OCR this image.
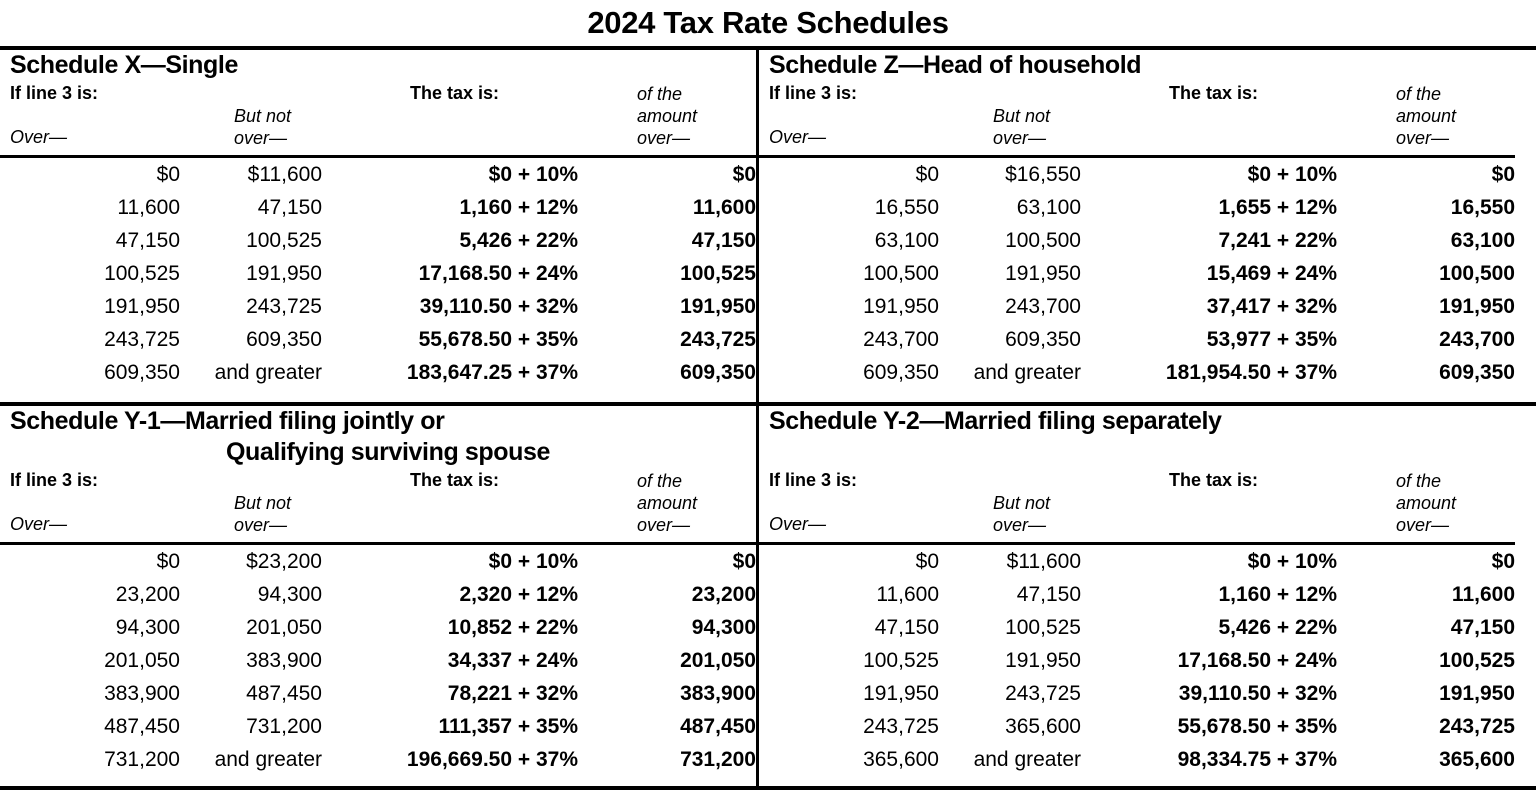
2024 Tax Rate Schedules
Schedule X—Single
If line 3 is:
Over—
But not
over—
The tax is:	of the
amount
over—
$0	$11,600	$0 + 10%	$0
11,600	47,150	1,160 + 12%	11,600
47,150	100,525	5,426 + 22%	47,150
100,525	191,950	17,168.50 + 24%	100,525
191,950	243,725	39,110.50 + 32%	191,950
243,725	609,350	55,678.50 + 35%	243,725
609,350	and greater	183,647.25 + 37%	609,350
Schedule Z—Head of household
If line 3 is:
Over—
But not
over—
The tax is:	of the
amount
over—
$0	$16,550	$0 + 10%	$0
16,550	63,100	1,655 + 12%	16,550
63,100	100,500	7,241 + 22%	63,100
100,500	191,950	15,469 + 24%	100,500
191,950	243,700	37,417 + 32%	191,950
243,700	609,350	53,977 + 35%	243,700
609,350	and greater	181,954.50 + 37%	609,350
Schedule Y-1—Married filing jointly or
Qualifying surviving spouse
If line 3 is:
Over—
But not
over—
The tax is:	of the
amount
over—
$0	$23,200	$0 + 10%	$0
23,200	94,300	2,320 + 12%	23,200
94,300	201,050	10,852 + 22%	94,300
201,050	383,900	34,337 + 24%	201,050
383,900	487,450	78,221 + 32%	383,900
487,450	731,200	111,357 + 35%	487,450
731,200	and greater	196,669.50 + 37%	731,200
Schedule Y-2—Married filing separately
If line 3 is:
Over—
But not
over—
The tax is:	of the
amount
over—
$0	$11,600	$0 + 10%	$0
11,600	47,150	1,160 + 12%	11,600
47,150	100,525	5,426 + 22%	47,150
100,525	191,950	17,168.50 + 24%	100,525
191,950	243,725	39,110.50 + 32%	191,950
243,725	365,600	55,678.50 + 35%	243,725
365,600	and greater	98,334.75 + 37%	365,600
